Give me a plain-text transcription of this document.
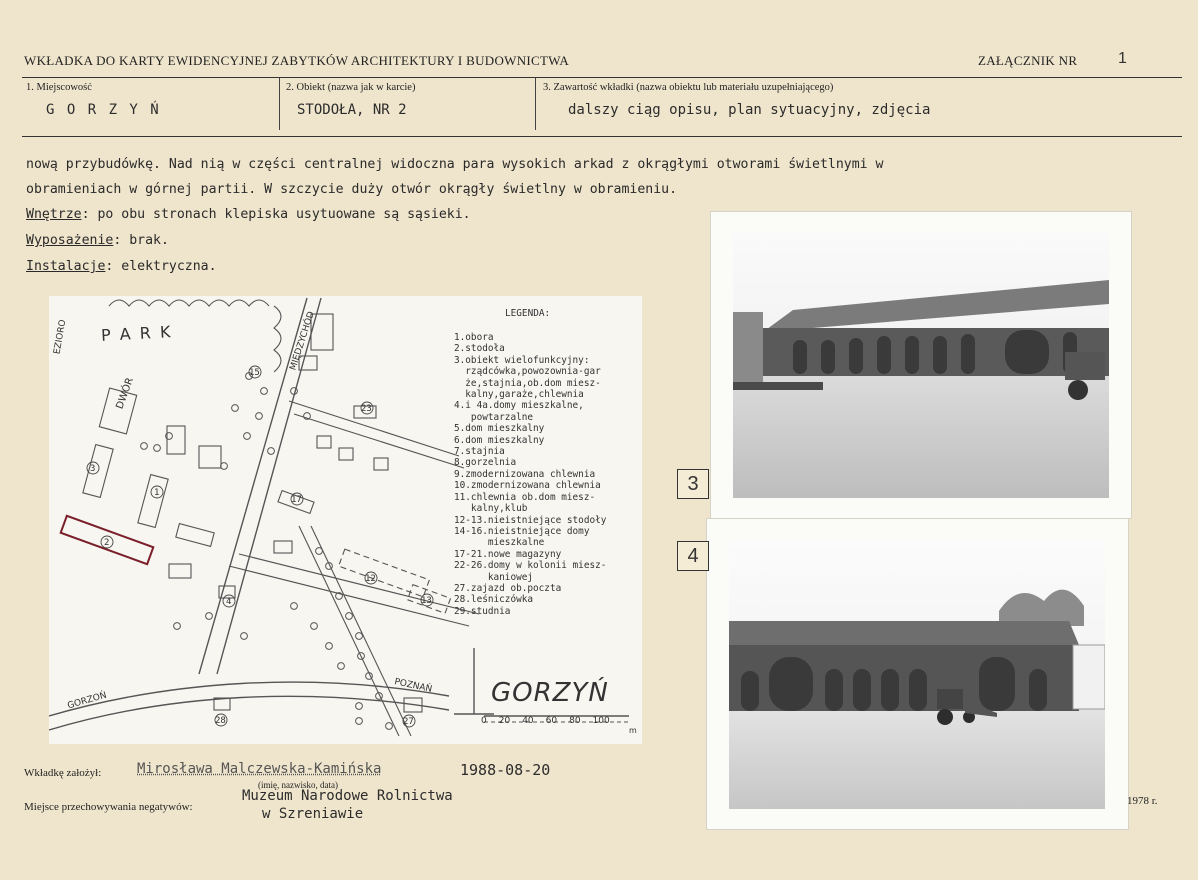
WKŁADKA DO KARTY EWIDENCYJNEJ ZABYTKÓW ARCHITEKTURY I BUDOWNICTWA	ZAŁĄCZNIK NR	1
1. Miejscowość
G O R Z Y Ń
2. Obiekt (nazwa jak w karcie)
STODOŁA, NR 2
3. Zawartość wkładki (nazwa obiektu lub materiału uzupełniającego)
dalszy ciąg opisu, plan sytuacyjny, zdjęcia
nową przybudówkę. Nad nią w części centralnej widoczna para wysokich arkad z okrągłymi otworami świetlnymi w
obramieniach w górnej partii. W szczycie duży otwór okrągły świetlny w obramieniu.
Wnętrze: po obu stronach klepiska usytuowane są sąsieki.
Wyposażenie: brak.
Instalacje: elektryczna.
3
1
2
4
17
12
13
15
23
28	27
P A R K
DWÓR
MIĘDZYCHÓD
GORZOŃ
POZNAŃ
EZIORO
GORZYŃ
0 20 40 60 80 100
m
LEGENDA:
1.obora
2.stodoła
3.obiekt wielofunkcyjny:
rządcówka,powozownia-gar
że,stajnia,ob.dom miesz-
kalny,garaże,chlewnia
4.i 4a.domy mieszkalne,
powtarzalne
5.dom mieszkalny
6.dom mieszkalny
7.stajnia
8.gorzelnia
9.zmodernizowana chlewnia
10.zmodernizowana chlewnia
11.chlewnia ob.dom miesz-
kalny,klub
12-13.nieistniejące stodoły
14-16.nieistniejące domy
mieszkalne
17-21.nowe magazyny
22-26.domy w kolonii miesz-
kaniowej
27.zajazd ob.poczta
28.leśniczówka
29.studnia
3
4
Wkładkę założył:	Mirosława Malczewska-Kamińska	1988-08-20
(imię, nazwisko, data)
Miejsce przechowywania negatywów:
Muzeum Narodowe Rolnictwa
w Szreniawie
1978 r.
